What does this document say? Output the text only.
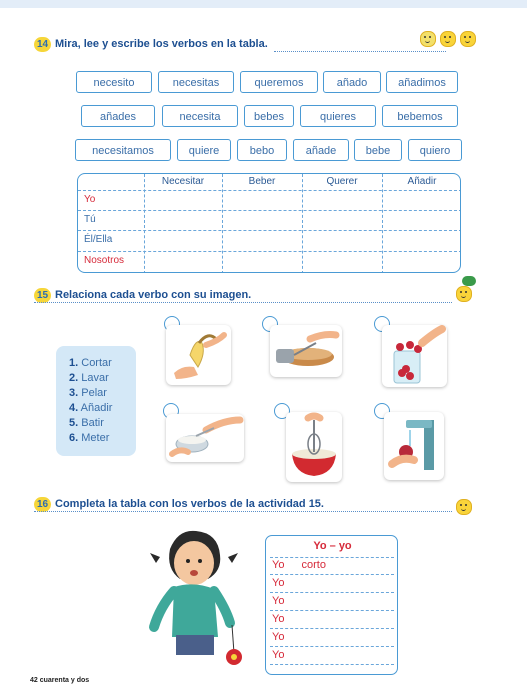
14 Mira, lee y escribe los verbos en la tabla.
necesito	necesitas	queremos	añado	añadimos
añades	necesita	bebes	quieres	bebemos
necesitamos	quiere	bebo	añade	bebe	quiero
Necesitar	Beber	Querer	Añadir
Yo
Tú
Él/Ella
Nosotros
15 Relaciona cada verbo con su imagen.
1. Cortar
2. Lavar
3. Pelar
4. Añadir
5. Batir
6. Meter
16 Completa la tabla con los verbos de la actividad 15.
Yo – yo
Yo corto
Yo
Yo
Yo
Yo
Yo
42 cuarenta y dos
